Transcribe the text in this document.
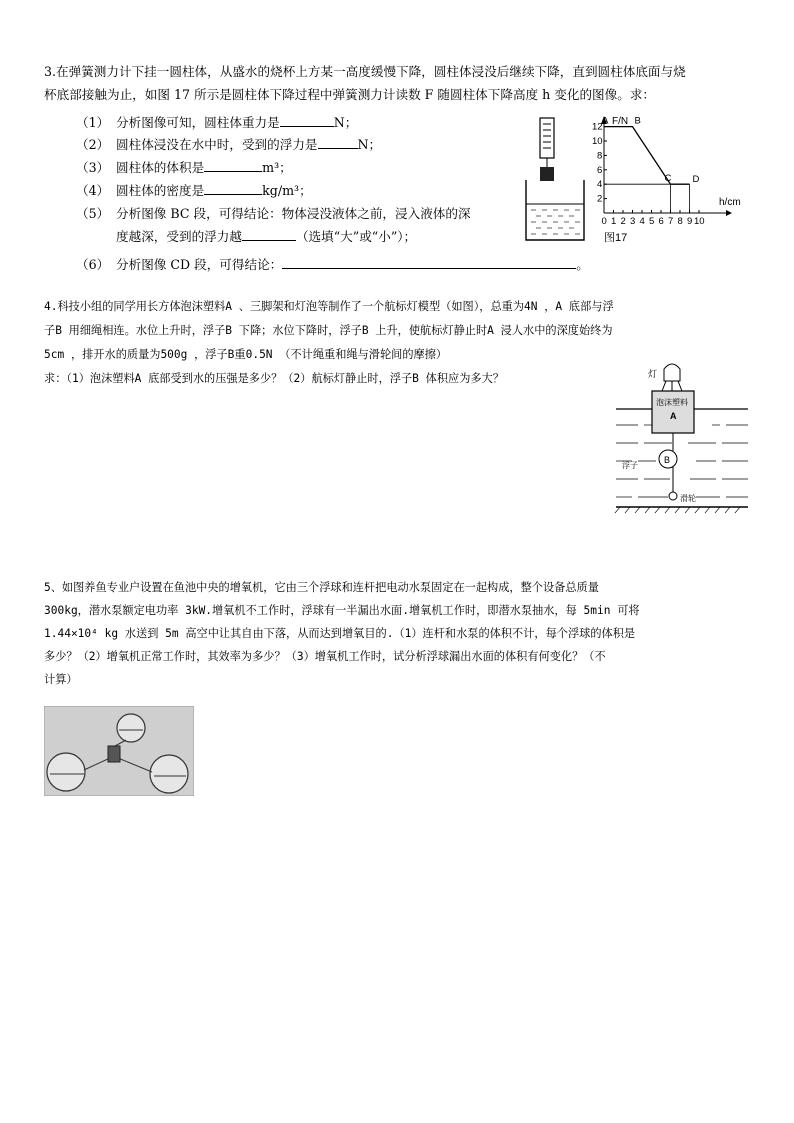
3.在弹簧测力计下挂一圆柱体，从盛水的烧杯上方某一高度缓慢下降，圆柱体浸没后继续下降，直到圆柱体底面与烧
杯底部接触为止，如图 17 所示是圆柱体下降过程中弹簧测力计读数 F 随圆柱体下降高度 h 变化的图像。求：
（1） 分析图像可知，圆柱体重力是	N；
（2） 圆柱体浸没在水中时，受到的浮力是	N；
（3） 圆柱体的体积是	m³；
（4） 圆柱体的密度是	kg/m³；
（5） 分析图像 BC 段，可得结论：物体浸没液体之前，浸入液体的深
度越深，受到的浮力越	（选填“大”或“小”）；
（6） 分析图像 CD 段，可得结论：	。
F/N
h/cm
0 1 2 3 4 5 6 7 8 9 10
2
4
6
8
10
12
A	B
C D
图17
4.科技小组的同学用长方体泡沫塑料A 、三脚架和灯泡等制作了一个航标灯模型（如图），总重为4N ，A 底部与浮
子B 用细绳相连。水位上升时，浮子B 下降；水位下降时，浮子B 上升，使航标灯静止时A 浸人水中的深度始终为
5cm ，排开水的质量为500g ，浮子B重0.5N （不计绳重和绳与滑轮间的摩擦）
求：（1）泡沫塑料A 底部受到水的压强是多少？（2）航标灯静止时，浮子B 体积应为多大？	灯
泡沫塑料
A
B
浮子
滑轮
5、如图养鱼专业户设置在鱼池中央的增氧机，它由三个浮球和连杆把电动水泵固定在一起构成，整个设备总质量
300kg，潜水泵额定电功率 3kW.增氧机不工作时，浮球有一半漏出水面.增氧机工作时，即潜水泵抽水，每 5min 可将
1.44×10⁴ kg 水送到 5m 高空中让其自由下落，从而达到增氧目的.（1）连杆和水泵的体积不计，每个浮球的体积是
多少？（2）增氧机正常工作时，其效率为多少？（3）增氧机工作时，试分析浮球漏出水面的体积有何变化？（不
计算）
